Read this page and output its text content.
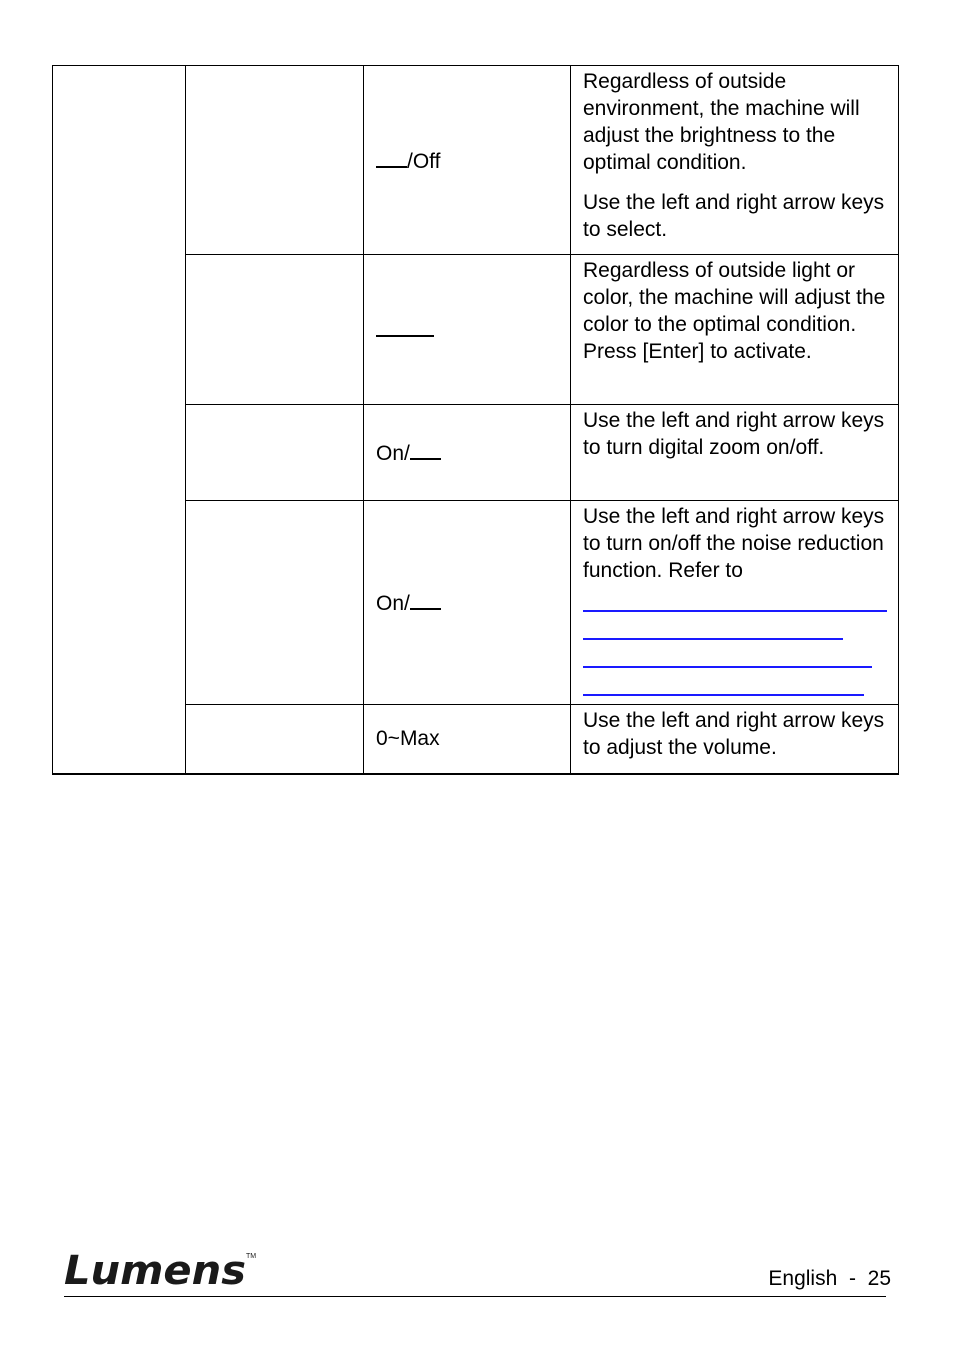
		/Off	Regardless of outside environment, the machine will adjust the brightness to the optimal condition.

Use the left and right arrow keys to select.

			Regardless of outside light or color, the machine will adjust the color to the optimal condition. Press [Enter] to activate.

		On/	Use the left and right arrow keys to turn digital zoom on/off.

		On/	Use the left and right arrow keys to turn on/off the noise reduction function. Refer to

		0~Max	Use the left and right arrow keys to adjust the volume.

Lumens TM
English - 25
